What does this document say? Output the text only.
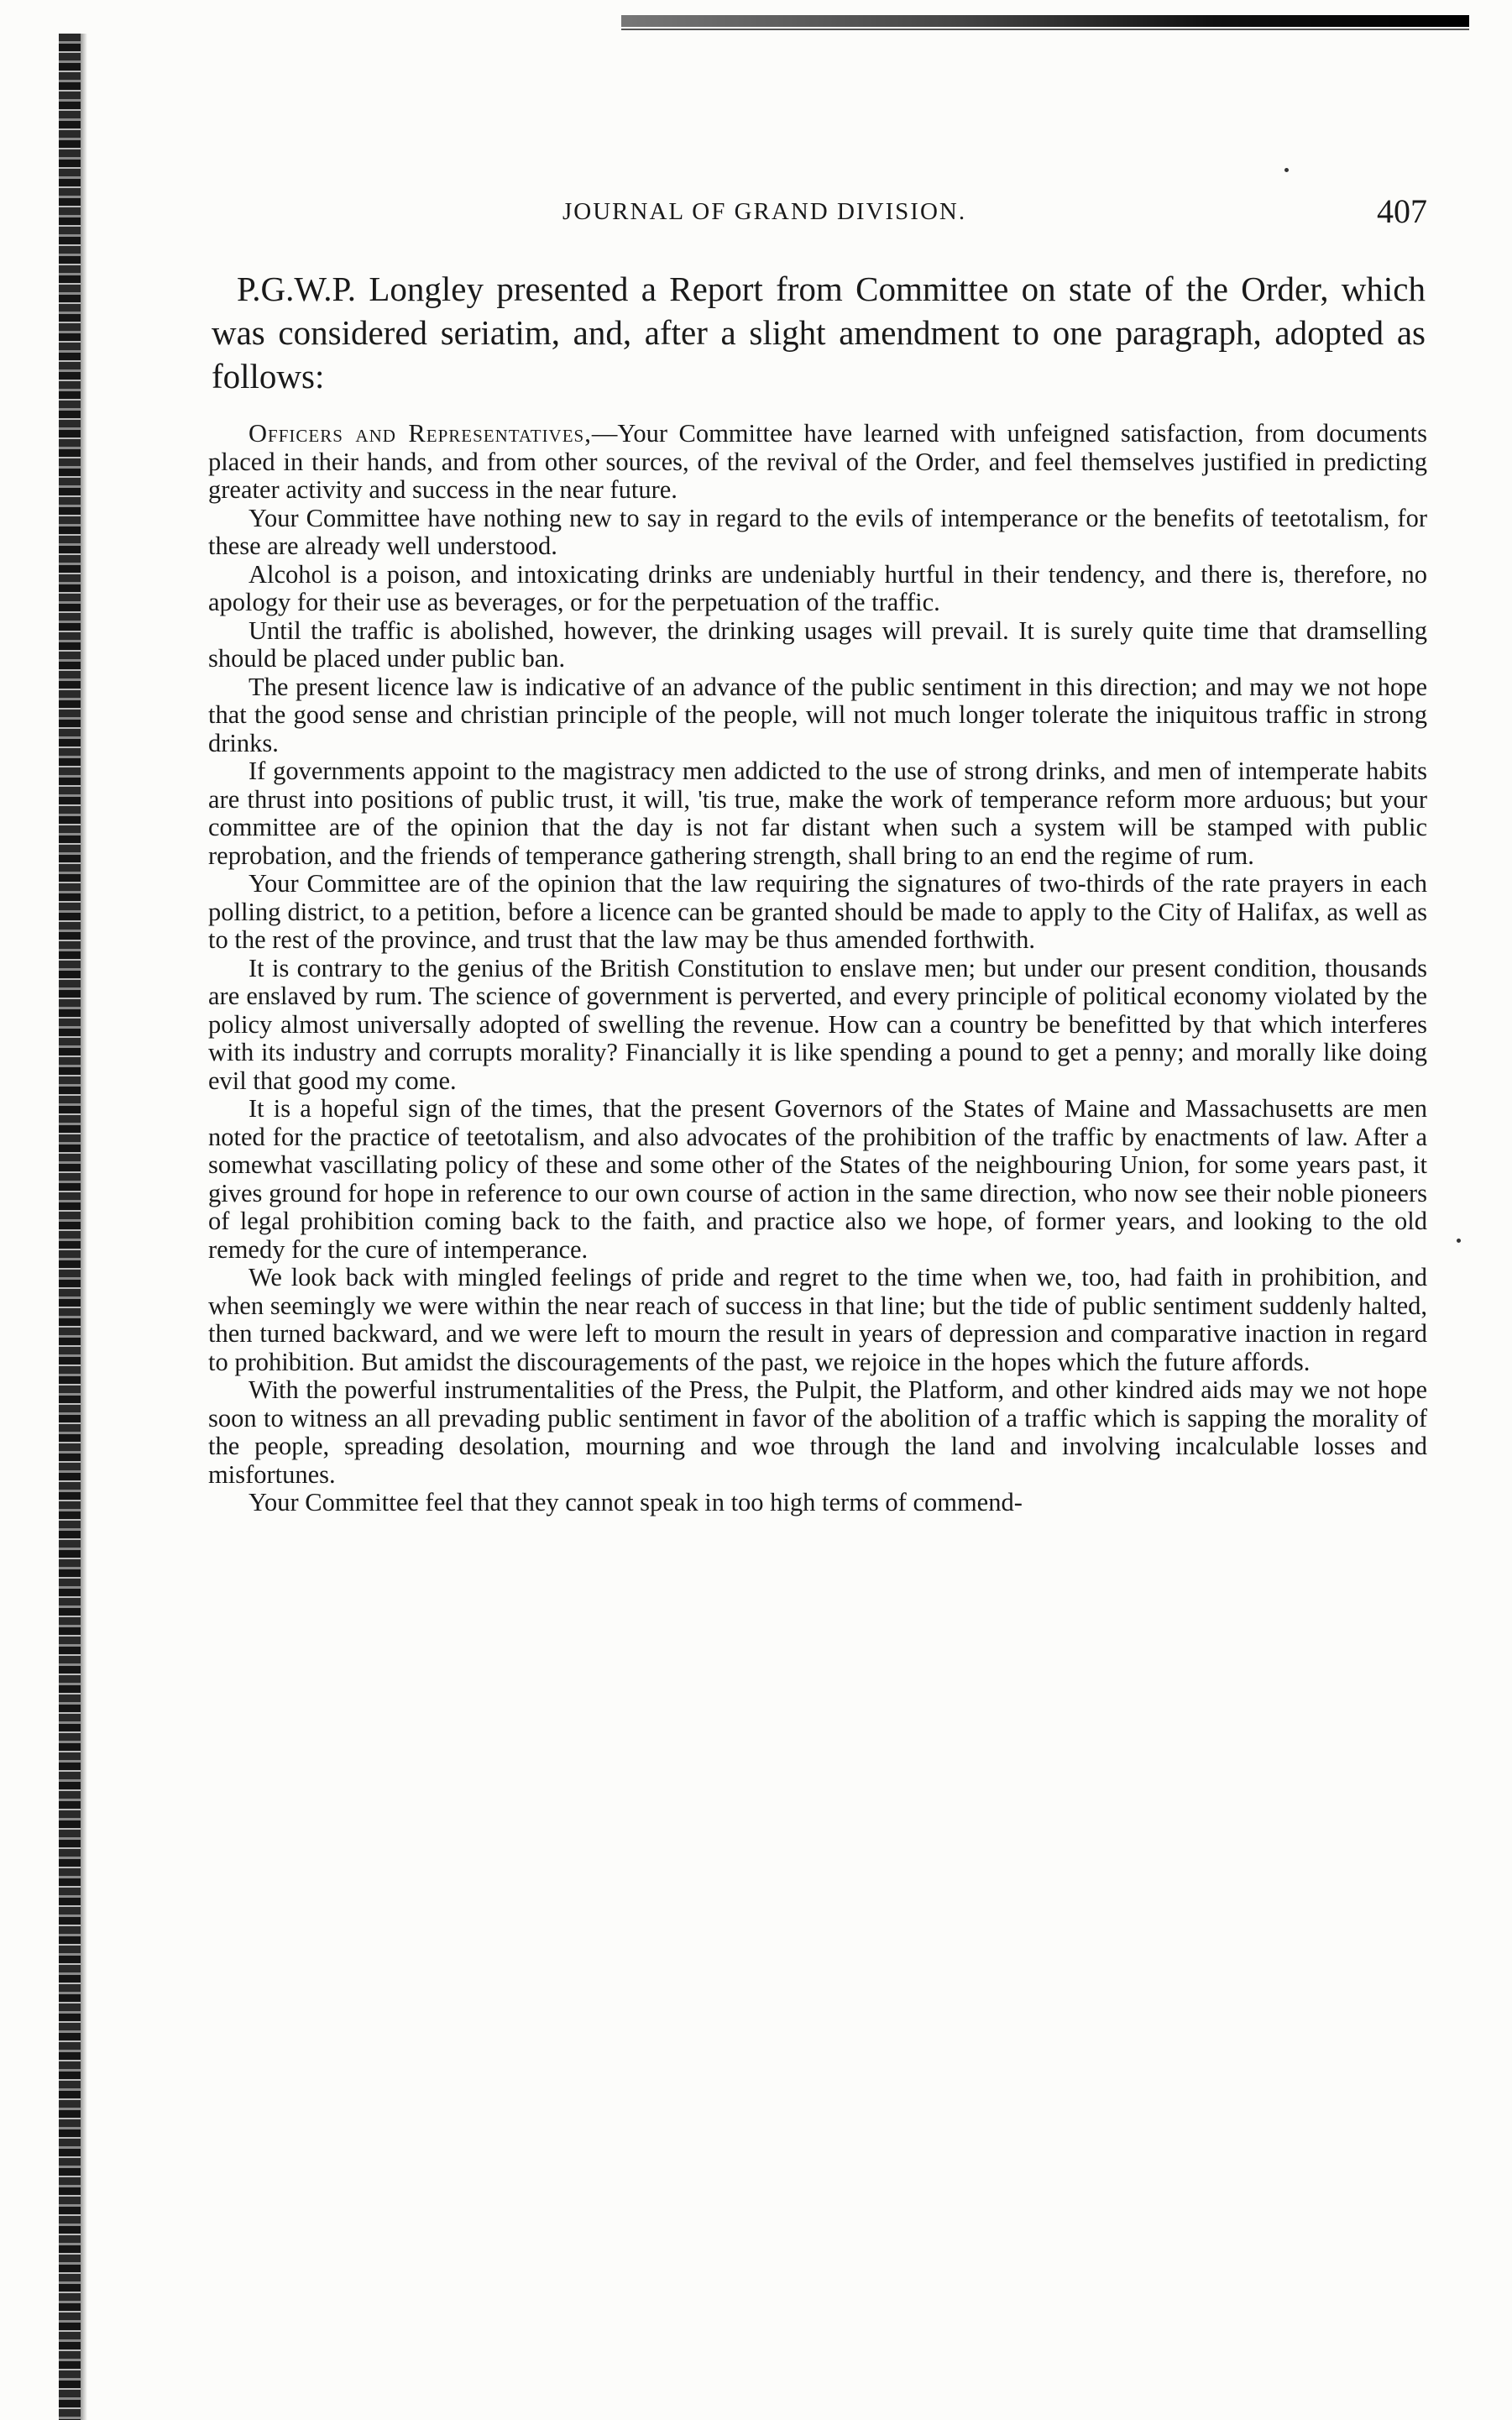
JOURNAL OF GRAND DIVISION.	407

P.G.W.P. Longley presented a Report from Committee on state of the Order, which was considered seriatim, and, after a slight amendment to one paragraph, adopted as follows:

Officers and Representatives,—Your Committee have learned with unfeigned satisfaction, from documents placed in their hands, and from other sources, of the revival of the Order, and feel themselves justified in predicting greater activity and success in the near future.

Your Committee have nothing new to say in regard to the evils of intemperance or the benefits of teetotalism, for these are already well understood.

Alcohol is a poison, and intoxicating drinks are undeniably hurtful in their tendency, and there is, therefore, no apology for their use as beverages, or for the perpetuation of the traffic.

Until the traffic is abolished, however, the drinking usages will prevail. It is surely quite time that dramselling should be placed under public ban.

The present licence law is indicative of an advance of the public sentiment in this direction; and may we not hope that the good sense and christian principle of the people, will not much longer tolerate the iniquitous traffic in strong drinks.

If governments appoint to the magistracy men addicted to the use of strong drinks, and men of intemperate habits are thrust into positions of public trust, it will, 'tis true, make the work of temperance reform more arduous; but your committee are of the opinion that the day is not far distant when such a system will be stamped with public reprobation, and the friends of temperance gathering strength, shall bring to an end the regime of rum.

Your Committee are of the opinion that the law requiring the signatures of two-thirds of the rate prayers in each polling district, to a petition, before a licence can be granted should be made to apply to the City of Halifax, as well as to the rest of the province, and trust that the law may be thus amended forthwith.

It is contrary to the genius of the British Constitution to enslave men; but under our present condition, thousands are enslaved by rum. The science of government is perverted, and every principle of political economy violated by the policy almost universally adopted of swelling the revenue. How can a country be benefitted by that which interferes with its industry and corrupts morality? Financially it is like spending a pound to get a penny; and morally like doing evil that good my come.

It is a hopeful sign of the times, that the present Governors of the States of Maine and Massachusetts are men noted for the practice of teetotalism, and also advocates of the prohibition of the traffic by enactments of law. After a somewhat vascillating policy of these and some other of the States of the neighbouring Union, for some years past, it gives ground for hope in reference to our own course of action in the same direction, who now see their noble pioneers of legal prohibition coming back to the faith, and practice also we hope, of former years, and looking to the old remedy for the cure of intemperance.

We look back with mingled feelings of pride and regret to the time when we, too, had faith in prohibition, and when seemingly we were within the near reach of success in that line; but the tide of public sentiment suddenly halted, then turned backward, and we were left to mourn the result in years of depression and comparative inaction in regard to prohibition. But amidst the discouragements of the past, we rejoice in the hopes which the future affords.

With the powerful instrumentalities of the Press, the Pulpit, the Platform, and other kindred aids may we not hope soon to witness an all prevading public sentiment in favor of the abolition of a traffic which is sapping the morality of the people, spreading desolation, mourning and woe through the land and involving incalculable losses and misfortunes.

Your Committee feel that they cannot speak in too high terms of commend-
